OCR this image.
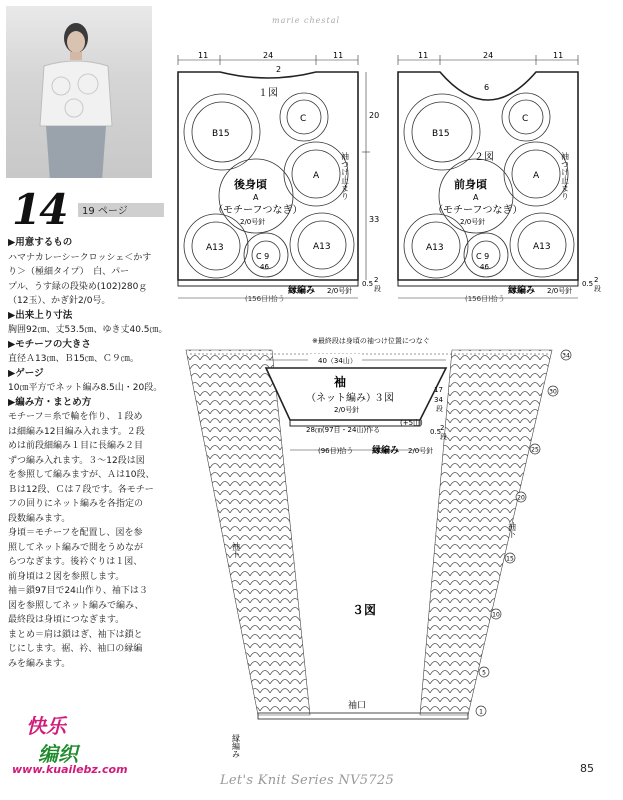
marie chestal
14 19 ページ
▶用意するもの
ハマナカレーシークロッシェ＜かす
り＞（極細タイプ）　白、パー
プル、うす緑の段染め(102)280ｇ
（12玉）、かぎ針2/0号。
▶出来上り寸法
胸囲92㎝、丈53.5㎝、ゆき丈40.5㎝。
▶モチーフの大きさ
直径Ａ13㎝、Ｂ15㎝、Ｃ９㎝。
▶ゲージ
10㎝平方でネット編み8.5山・20段。
▶編み方・まとめ方
モチーフ＝糸で輪を作り、１段め
は細編み12目編み入れます。２段
めは前段細編み１目に長編み２目
ずつ編み入れます。３～12段は図
を参照して編みますが、Ａは10段、
Ｂは12段、Ｃは７段です。各モチー
フの回りにネット編みを各指定の
段数編みます。
身頃＝モチーフを配置し、図を参
照してネット編みで間をうめなが
らつなぎます。後衿ぐりは１図、
前身頃は２図を参照します。
袖＝鎖97目で24山作り、袖下は３
図を参照してネット編みで編み、
最終段は身頃につなぎます。
まとめ＝肩は鎖はぎ、袖下は鎖と
じにします。裾、衿、袖口の縁編
みを編みます。
11	24	11
2
１図
B15
C
A
A13
C 9
46
A13
後身頃
A
（モチーフつなぎ）
2/0号針
20
33
袖つけ止まり
縁編み 2/0号針
0.5 2
段
(156目)拾う
11	24	11
6
２図
B15
C
A
A13
C 9
46
A13
前身頃
A
（モチーフつなぎ）
2/0号針
袖つけ止まり
縁編み 2/0号針
0.5 2
段
(156目)拾う
※最終段は身頃の袖つけ位置につなぐ
40（34山）
袖
（ネット編み）
３図
2/0号針
28㎝(97目・24山)作る
(+5山)
17
34
段
0.5
2
段
(96目)拾う 縁編み 2/0号針
袖下
袖下
３図
袖口
縁編み
34
30
25
20
15
10
5
1
快乐
编织
www.kuailebz.com
Let's Knit Series NV5725
85
